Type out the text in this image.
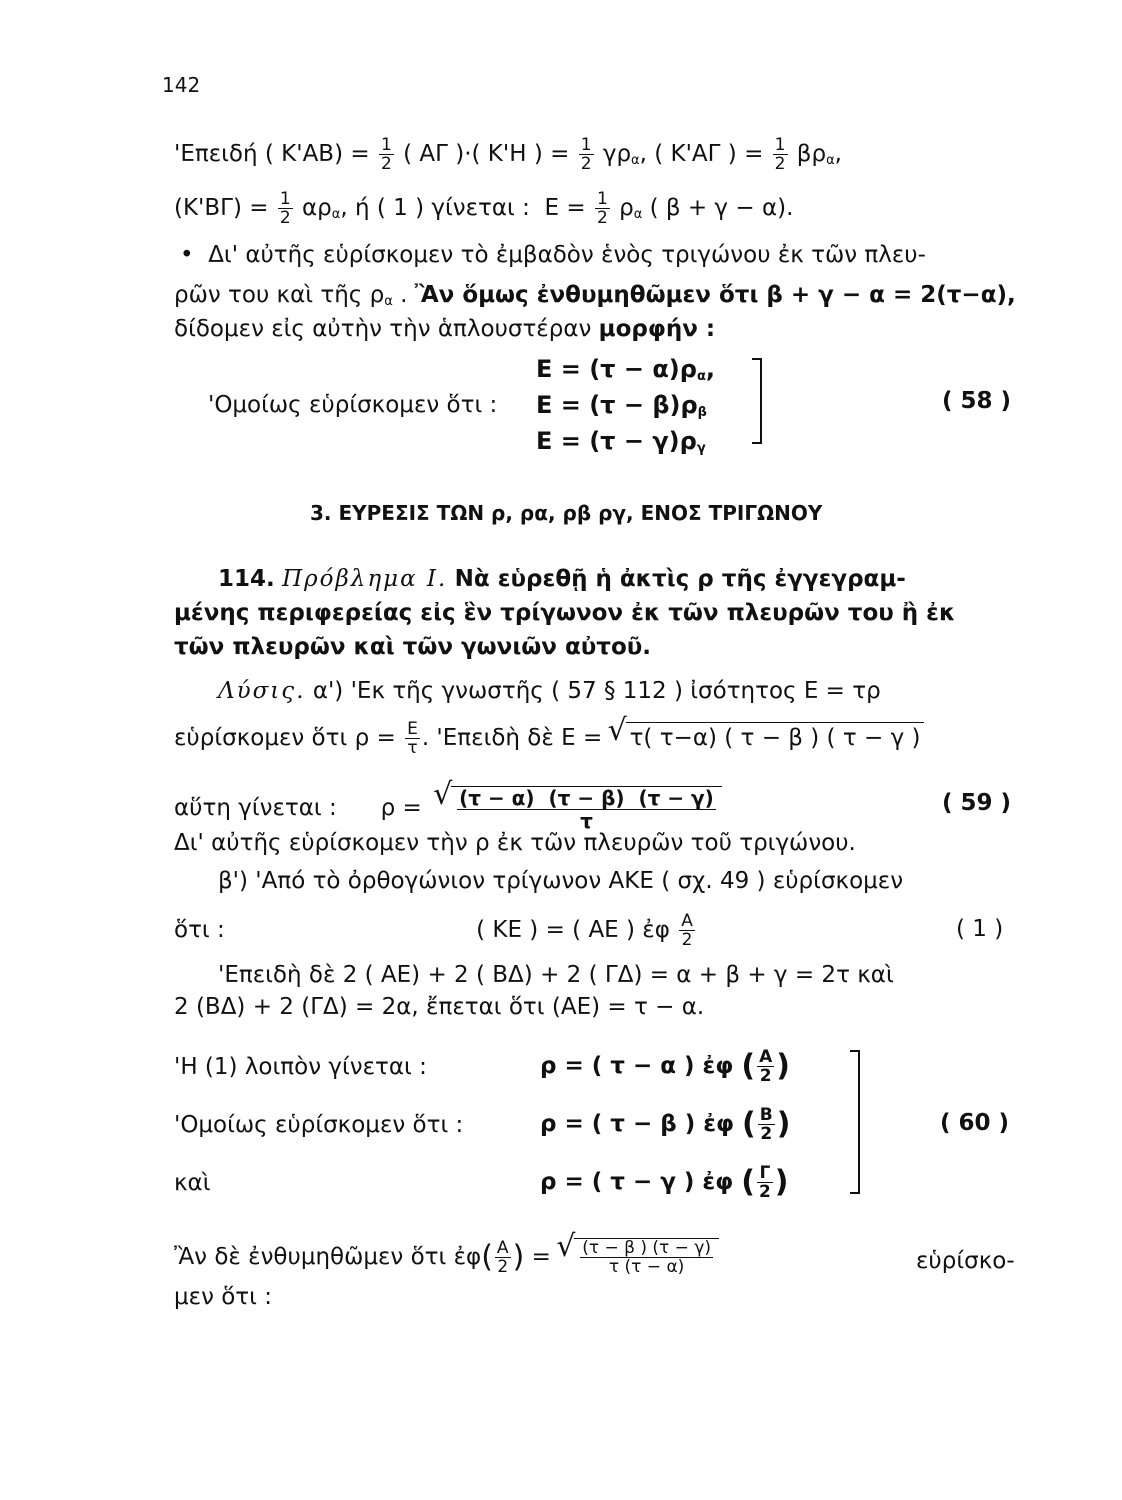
142
'Επειδή ( $K'AB) = \frac{1}{2}$ ( ΑΓ )·( Κ'Η ) = $\frac{1}{2} \gamma\rho_\alpha$, ( Κ'ΑΓ ) = $\frac{1}{2} \beta\rho_\alpha$,
$(K'B\Gamma) = \frac{1}{2} \alpha\rho_\alpha$, ή ( 1 ) γίνεται :  $E = \frac{1}{2} \rho_\alpha$ ( β + γ − α).
•  Δι' αὐτῆς εὑρίσκομεν τὸ ἐμβαδὸν ἑνὸς τριγώνου ἐκ τῶν πλευ-
ρῶν του καὶ τῆς $\rho_\alpha$ . Ἂν ὅμως ἐνθυμηθῶμεν ὅτι β + γ − α = 2(τ−α),
δίδομεν εἰς αὐτὴν τὴν ἁπλουστέραν μορφήν :
$E = (\tau - \alpha)\rho_\alpha$,
'Ομοίως εὑρίσκομεν ὅτι : $E = (\tau - \beta)\rho_\beta$
$E = (\tau - \gamma)\rho_\gamma$
( 58 )
3. ΕΥΡΕΣΙΣ ΤΩΝ ρ, ρα, ρβ ργ, ΕΝΟΣ ΤΡΙΓΩΝΟΥ
114. Πρόβλημα Ι. Νὰ εὑρεθῇ ἡ ἀκτὶς ρ τῆς ἐγγεγραμ-
μένης περιφερείας εἰς ἓν τρίγωνον ἐκ τῶν πλευρῶν του ἢ ἐκ
τῶν πλευρῶν καὶ τῶν γωνιῶν αὐτοῦ.
Λύσις. α') 'Εκ τῆς γνωστῆς ( 57 § 112 ) ἰσότητος Ε = τρ
εὑρίσκομεν ὅτι $\rho = \frac{E}{\tau}$ . 'Επειδὴ δὲ Ε = √ τ( τ−α) ( τ − β ) ( τ − γ )
αὕτη γίνεται :      ρ = √ $\frac{(\tau - \alpha) (\tau - \beta) (\tau - \gamma)}{\tau}$	( 59 )
Δι' αὐτῆς εὑρίσκομεν τὴν ρ ἐκ τῶν πλευρῶν τοῦ τριγώνου.
β') 'Από τὸ ὀρθογώνιον τρίγωνον ΑΚΕ ( σχ. 49 ) εὑρίσκομεν
ὅτι :	( ΚΕ ) = ( ΑΕ ) ἐφ $\frac{A}{2}$	( 1 )
'Επειδὴ δὲ 2 ( ΑΕ) + 2 ( ΒΔ) + 2 ( ΓΔ) = α + β + γ = 2τ καὶ
2 (ΒΔ) + 2 (ΓΔ) = 2α, ἔπεται ὅτι (ΑΕ) = τ − α.
'Η (1) λοιπὸν γίνεται :	ρ = ( τ − α ) ἐφ ( $\frac{A}{2}$ )
'Ομοίως εὑρίσκομεν ὅτι :	ρ = ( τ − β ) ἐφ ( $\frac{B}{2}$ )
καὶ	ρ = ( τ − γ ) ἐφ ( $\frac{\Gamma}{2}$ )
( 60 )
Ἂν δὲ ἐνθυμηθῶμεν ὅτι ἐφ( $\frac{A}{2}$ ) = √ $\frac{(\tau - \beta ) (\tau - \gamma)}{\tau (\tau - \alpha)}$	εὑρίσκο-
μεν ὅτι :
